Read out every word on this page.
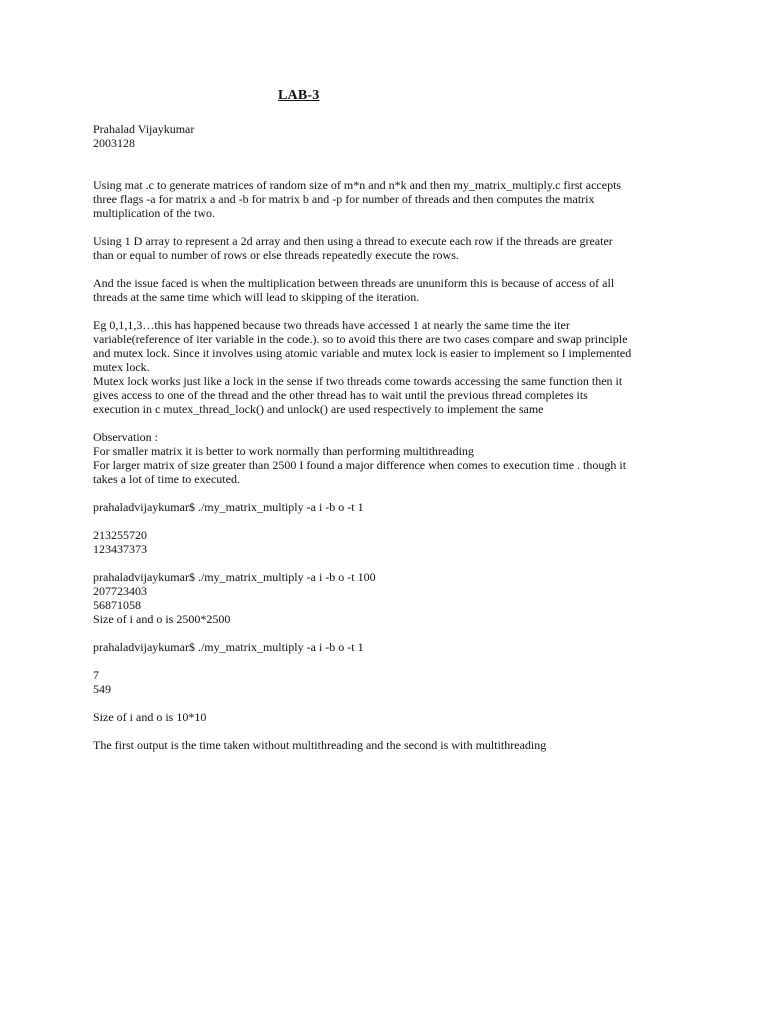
LAB-3

Prahalad Vijaykumar

2003128

Using mat .c to generate matrices of random size of m*n and n*k and then my_matrix_multiply.c first accepts

three flags -a for matrix a and -b for matrix b and -p for number of threads and then computes the matrix

multiplication of the two.

Using 1 D array to represent a 2d array and then using a thread to execute each row if the threads are greater

than or equal to number of rows or else threads repeatedly execute the rows.

And the issue faced is when the multiplication between threads are ununiform this is because of access of all

threads at the same time which will lead to skipping of the iteration.

Eg 0,1,1,3…this has happened because two threads have accessed 1 at nearly the same time the iter

variable(reference of iter variable in the code.). so to avoid this there are two cases compare and swap principle

and mutex lock. Since it involves using atomic variable and mutex lock is easier to implement so I implemented

mutex lock.

Mutex lock works just like a lock in the sense if two threads come towards accessing the same function then it

gives access to one of the thread and the other thread has to wait until the previous thread completes its

execution in c mutex_thread_lock() and unlock() are used respectively to implement the same

Observation :

For smaller matrix it is better to work normally than performing multithreading

For larger matrix of size greater than 2500 I found a major difference when comes to execution time . though it

takes a lot of time to executed.

prahaladvijaykumar$ ./my_matrix_multiply -a i -b o -t 1

213255720

123437373

prahaladvijaykumar$ ./my_matrix_multiply -a i -b o -t 100

207723403

56871058

Size of i and o is 2500*2500

prahaladvijaykumar$ ./my_matrix_multiply -a i -b o -t 1

7

549

Size of i and o is 10*10

The first output is the time taken without multithreading and the second is with multithreading
